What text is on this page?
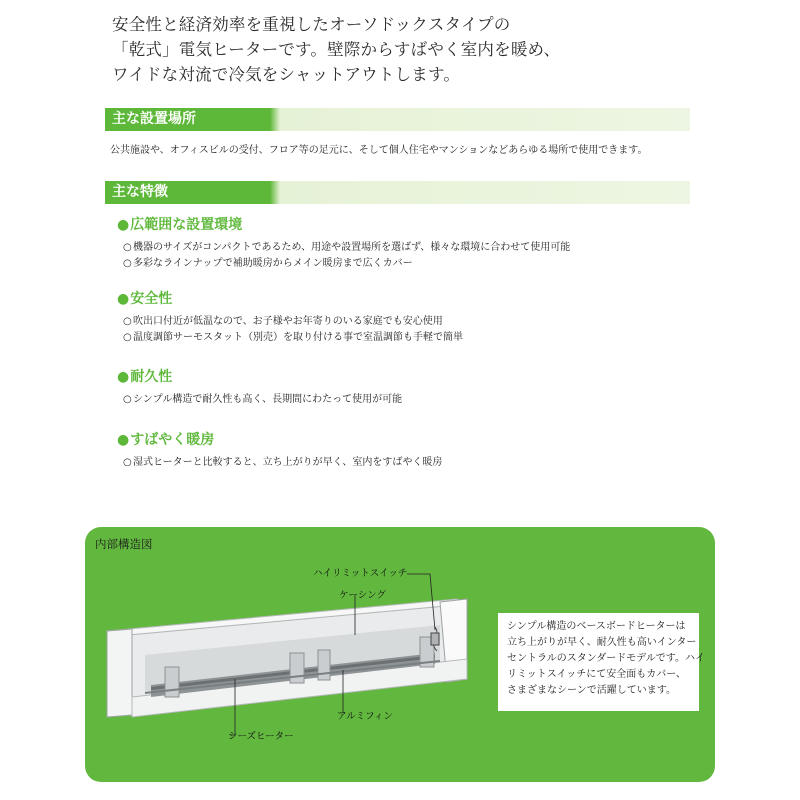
安全性と経済効率を重視したオーソドックスタイプの

「乾式」電気ヒーターです。壁際からすばやく室内を暖め、

ワイドな対流で冷気をシャットアウトします。

主な設置場所
公共施設や、オフィスビルの受付、フロア等の足元に、そして個人住宅やマンションなどあらゆる場所で使用できます。
主な特徴
●広範囲な設置環境

○機器のサイズがコンパクトであるため、用途や設置場所を選ばず、様々な環境に合わせて使用可能

○多彩なラインナップで補助暖房からメイン暖房まで広くカバー

●安全性

○吹出口付近が低温なので、お子様やお年寄りのいる家庭でも安心使用

○温度調節サーモスタット（別売）を取り付ける事で室温調節も手軽で簡単

●耐久性

○シンプル構造で耐久性も高く、長期間にわたって使用が可能

●すばやく暖房

○湿式ヒーターと比較すると、立ち上がりが早く、室内をすばやく暖房

内部構造図
ハイリミットスイッチ
ケーシング
アルミフィン
シーズヒーター
シンプル構造のベースボードヒーターは
立ち上がりが早く、耐久性も高いインター
セントラルのスタンダードモデルです。ハイ
リミットスイッチにて安全面もカバー、
さまざまなシーンで活躍しています。
